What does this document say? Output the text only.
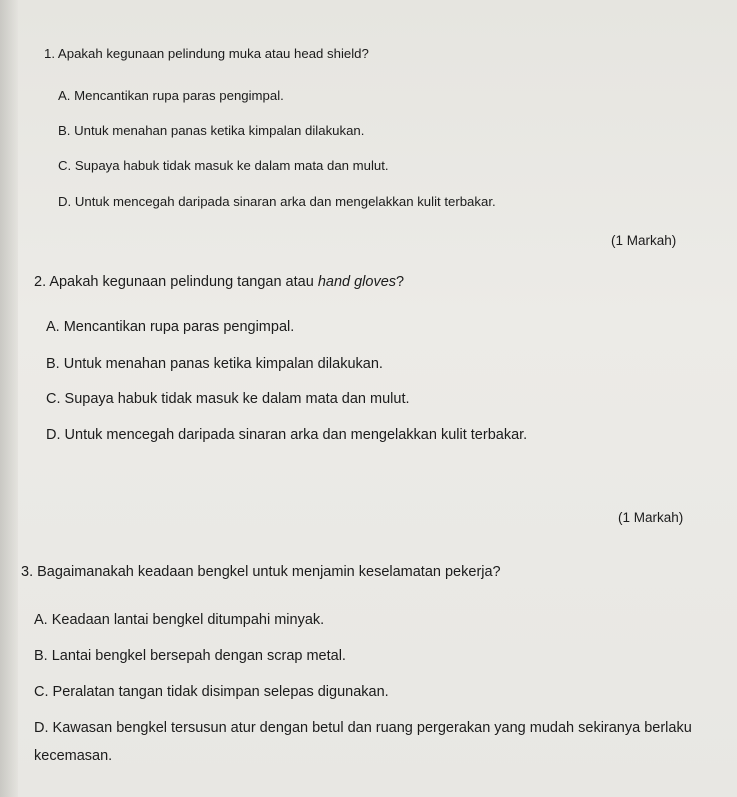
1. Apakah kegunaan pelindung muka atau head shield?
A. Mencantikan rupa paras pengimpal.
B. Untuk menahan panas ketika kimpalan dilakukan.
C. Supaya habuk tidak masuk ke dalam mata dan mulut.
D. Untuk mencegah daripada sinaran arka dan mengelakkan kulit terbakar.
(1 Markah)
2. Apakah kegunaan pelindung tangan atau hand gloves?
A. Mencantikan rupa paras pengimpal.
B. Untuk menahan panas ketika kimpalan dilakukan.
C. Supaya habuk tidak masuk ke dalam mata dan mulut.
D. Untuk mencegah daripada sinaran arka dan mengelakkan kulit terbakar.
(1 Markah)
3. Bagaimanakah keadaan bengkel untuk menjamin keselamatan pekerja?
A. Keadaan lantai bengkel ditumpahi minyak.
B. Lantai bengkel bersepah dengan scrap metal.
C. Peralatan tangan tidak disimpan selepas digunakan.
D. Kawasan bengkel tersusun atur dengan betul dan ruang pergerakan yang mudah sekiranya berlaku kecemasan.
